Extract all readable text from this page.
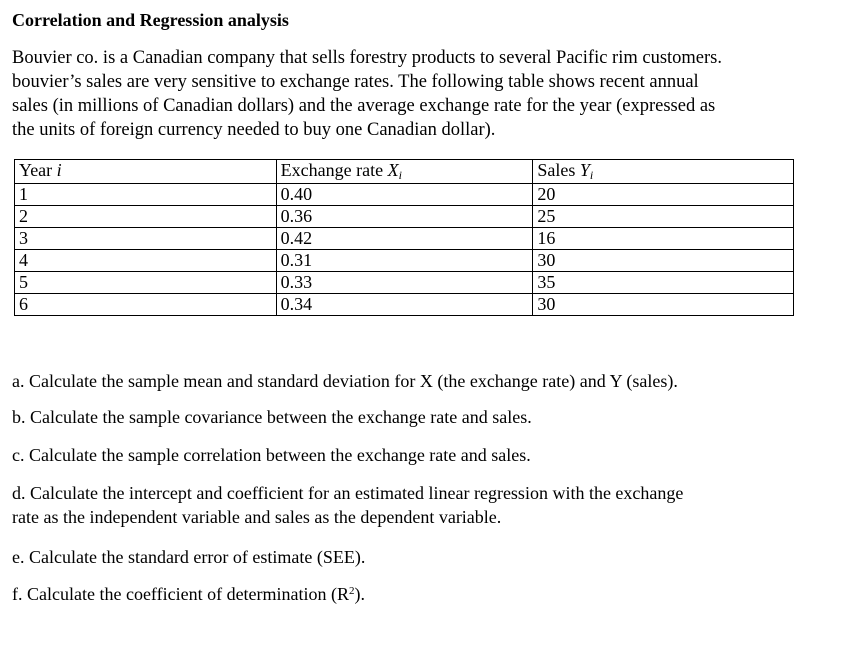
Correlation and Regression analysis
Bouvier co. is a Canadian company that sells forestry products to several Pacific rim customers.
bouvier’s sales are very sensitive to exchange rates. The following table shows recent annual
sales (in millions of Canadian dollars) and the average exchange rate for the year (expressed as
the units of foreign currency needed to buy one Canadian dollar).
Year i	Exchange rate $X_i$	Sales $Y_i$
1	0.40	20
2	0.36	25
3	0.42	16
4	0.31	30
5	0.33	35
6	0.34	30
a. Calculate the sample mean and standard deviation for X (the exchange rate) and Y (sales).
b. Calculate the sample covariance between the exchange rate and sales.
c. Calculate the sample correlation between the exchange rate and sales.
d. Calculate the intercept and coefficient for an estimated linear regression with the exchange
rate as the independent variable and sales as the dependent variable.
e. Calculate the standard error of estimate (SEE).
f. Calculate the coefficient of determination $(R^2)$.
